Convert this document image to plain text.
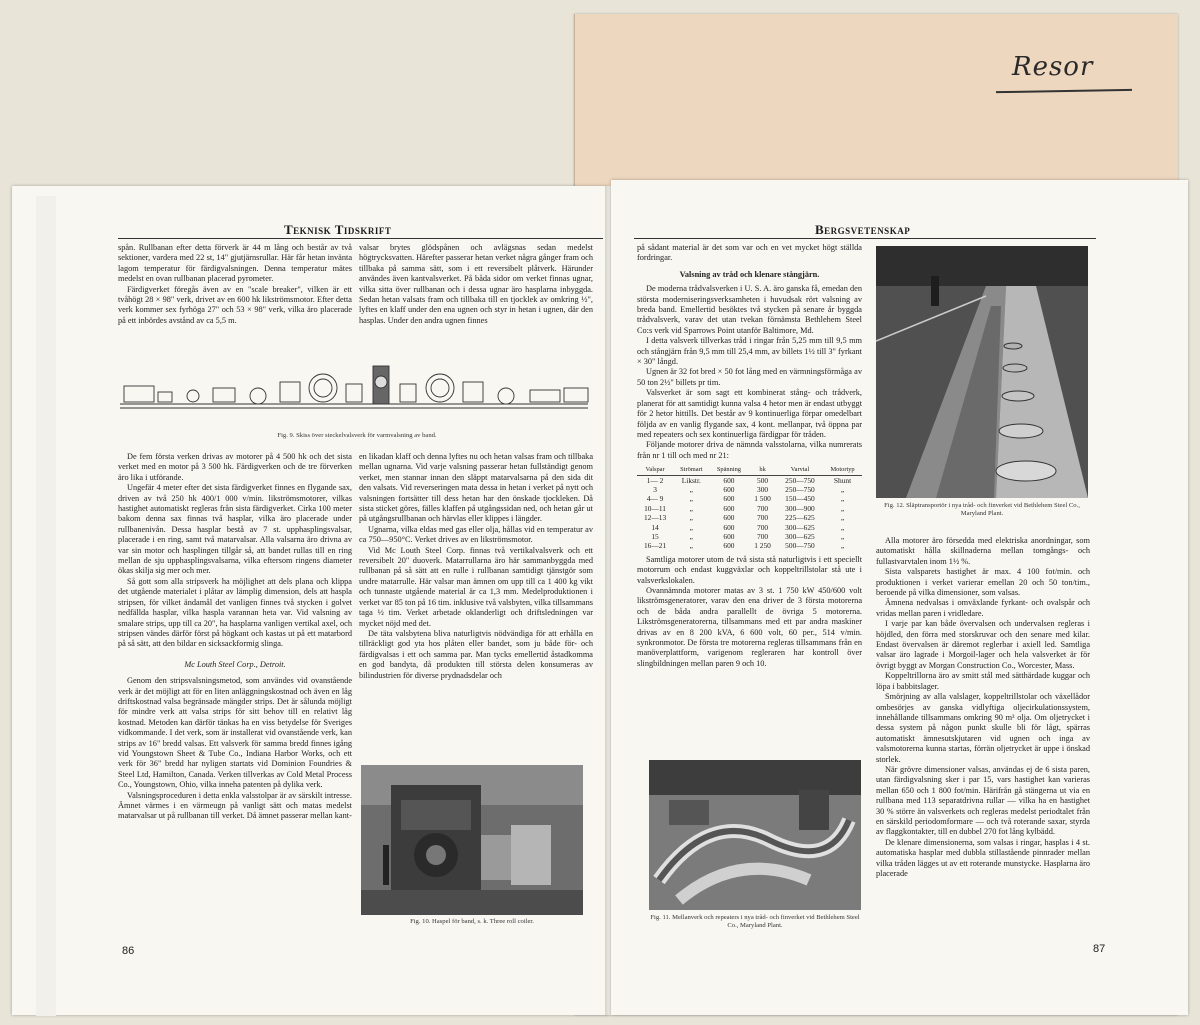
Resor
Teknisk Tidskrift

spån. Rullbanan efter detta förverk är 44 m lång och består av två sektioner, vardera med 22 st, 14" gjutjärnsrullar. Här får hetan invänta lagom temperatur för färdigvalsningen. Denna temperatur mätes medelst en ovan rullbanan placerad pyrometer.

Färdigverket föregås även av en "scale breaker", vilken är ett tvåhögt 28 × 98" verk, drivet av en 600 hk likströmsmotor. Efter detta verk kommer sex fyrhöga 27" och 53 × 98" verk, vilka äro placerade på ett inbördes avstånd av ca 5,5 m.

valsar brytes glödspånen och avlägsnas sedan medelst högtrycksvatten. Härefter passerar hetan verket några gånger fram och tillbaka på samma sätt, som i ett reversibelt plåtverk. Härunder användes även kantvalsverket. På båda sidor om verket finnas ugnar, vilka sitta över rullbanan och i dessa ugnar äro hasplarna inbyggda. Sedan hetan valsats fram och tillbaka till en tjocklek av omkring ½", lyftes en klaff under den ena ugnen och styr in hetan i ugnen, där den hasplas. Under den andra ugnen finnes

Fig. 9. Skiss över steckelvalsverk för varmvalsning av band.

De fem första verken drivas av motorer på 4 500 hk och det sista verket med en motor på 3 500 hk. Färdigverken och de tre förverken äro lika i utförande.

Ungefär 4 meter efter det sista färdigverket finnes en flygande sax, driven av två 250 hk 400/1 000 v/min. likströmsmotorer, vilkas hastighet automatiskt regleras från sista färdigverket. Cirka 100 meter bakom denna sax finnas två hasplar, vilka äro placerade under rullbanenivån. Dessa hasplar bestå av 7 st. upphasplingsvalsar, placerade i en ring, samt två matarvalsar. Alla valsarna äro drivna av var sin motor och hasplingen tillgår så, att bandet rullas till en ring mellan de sju upphasplingsvalsarna, vilka eftersom ringens diameter ökas skilja sig mer och mer.

Så gott som alla stripsverk ha möjlighet att dels planа och klippa det utgående materialet i plåtar av lämplig dimension, dels att haspla stripsen, för vilket ändamål det vanligen finnes två stycken i golvet nedfällda hasplar, vilka haspla varannan heta var. Vid valsning av smalare strips, upp till ca 20", ha hasplarna vanligen vertikal axel, och stripsen vändes därför först på högkant och kastas ut på ett matarbord på så sätt, att den bildar en sicksackformig slinga.

Mc Louth Steel Corp., Detroit.

Genom den stripsvalsningsmetod, som användes vid ovanstående verk är det möjligt att för en liten anläggningskostnad och även en låg driftskostnad valsa begränsade mängder strips. Det är sålunda möjligt för mindre verk att valsa strips för sitt behov till en relativt låg kostnad. Metoden kan därför tänkas ha en viss betydelse för Sveriges vidkommande. I det verk, som är installerat vid ovanstående verk, kan strips av 16" bredd valsas. Ett valsverk för samma bredd finnes igång vid Youngstown Sheet & Tube Co., Indiana Harbor Works, och ett verk för 36" bredd har nyligen startats vid Dominion Foundries & Steel Ltd, Hamilton, Canada. Verken tillverkas av Cold Metal Process Co., Youngstown, Ohio, vilka inneha patenten på dylika verk.

Valsningsproceduren i detta enkla valsstolpar är av särskilt intresse. Ämnet värmes i en värmeugn på vanligt sätt och matas medelst matarvalsar ut på rullbanan till verket. Då ämnet passerar mellan kant-

en likadan klaff och denna lyftes nu och hetan valsas fram och tillbaka mellan ugnarna. Vid varje valsning passerar hetan fullständigt genom verket, men stannar innan den släppt matarvalsarna på den sida dit den valsats. Vid reverseringen mata dessa in hetan i verket på nytt och valsningen fortsätter till dess hetan har den önskade tjockleken. Då sista sticket göres, fälles klaffen på utgångssidan ned, och hetan går ut på utgångsrullbanan och härvlas eller klippes i längder.

Ugnarna, vilka eldas med gas eller olja, hållas vid en temperatur av ca 750—950°C. Verket drives av en likströmsmotor.

Vid Mc Louth Steel Corp. finnas två vertikalvalsverk och ett reversibelt 20" duoverk. Matarrullarna äro här sammanbyggda med rullbanan på så sätt att en rulle i rullbanan samtidigt tjänstgör som undre matarrulle. Här valsar man ämnen om upp till ca 1 400 kg vikt och tunnaste utgående material är ca 1,3 mm. Medelproduktionen i verket var 85 ton på 16 tim. inklusive två valsbyten, vilka tillsammans taga ½ tim. Verket arbetade oklanderligt och driftsledningen var mycket nöjd med det.

De täta valsbytena bliva naturligtvis nödvändiga för att erhålla en tillräckligt god yta hos plåten eller bandet, som ju både för- och färdigvalsas i ett och samma par. Man tycks emellertid åstadkomma en god bandyta, då produkten till största delen konsumeras av bilindustrien för diverse prydnadsdelar och

Fig. 10. Haspel för band, s. k. Three roll coiler.
86
Bergsvetenskap

på sådant material är det som var och en vet mycket högt ställda fordringar.

Valsning av tråd och klenare stångjärn.

De moderna trådvalsverken i U. S. A. äro ganska få, emedan den största moderniseringsverksamheten i huvudsak rört valsning av breda band. Emellertid besöktes två stycken på senare år byggda trådvalsverk, varav det utan tvekan förnämsta Bethlehem Steel Co:s verk vid Sparrows Point utanför Baltimore, Md.

I detta valsverk tillverkas tråd i ringar från 5,25 mm till 9,5 mm och stångjärn från 9,5 mm till 25,4 mm, av billets 1½ till 3" fyrkant × 30" långd.

Ugnen är 32 fot bred × 50 fot lång med en värmningsförmåga av 50 ton 2½" billets pr tim.

Valsverket är som sagt ett kombinerat stång- och trådverk, planerat för att samtidigt kunna valsa 4 hetor men är endast utbyggt för 2 hetor hittills. Det består av 9 kontinuerliga förpar omedelbart följda av en vanlig flygande sax, 4 kont. mellanpar, två öppna par med repeaters och sex kontinuerliga färdigpar för tråden.

Följande motorer driva de nämnda valsstolarna, vilka numrerats från nr 1 till och med nr 21:

Valspar	Strömart	Spänning	hk	Varvtal	Motortyp
1— 2	Likstr.	600	500	250—750	Shunt
3	„	600	300	250—750	„
4— 9	„	600	1 500	150—450	„
10—11	„	600	700	300—900	„
12—13	„	600	700	225—625	„
14	„	600	700	300—625	„
15	„	600	700	300—625	„
16—21	„	600	1 250	500—750	„

Samtliga motorer utom de två sista stå naturligtvis i ett speciellt motorrum och endast kuggväxlar och koppeltrillstolar stå ute i valsverkslokalen.

Ovannämnda motorer matas av 3 st. 1 750 kW 450/600 volt likströmsgeneratorer, varav den ena driver de 3 första motorerna och de båda andra parallellt de övriga 5 motorerna. Likströmsgeneratorerna, tillsammans med ett par andra maskiner drivas av en 8 200 kVA, 6 600 volt, 60 per., 514 v/min. synkronmotor. De första tre motorerna regleras tillsammans från en manöverplattform, varigenom reglеraren har kontroll över slingbildningen mellan paren 9 och 10.

Fig. 12. Släptransportör i nya tråd- och finverket vid Bethlehem Steel Co., Maryland Plant.
Fig. 11. Mellanverk och repeaters i nya tråd- och finverket vid Bethlehem Steel Co., Maryland Plant.

Alla motorer äro försedda med elektriska anordningar, som automatiskt hålla skillnaderna mellan tomgångs- och fullastvarvtalen inom 1½ %.

Sista valsparets hastighet är max. 4 100 fot/min. och produktionen i verket varierar emellan 20 och 50 ton/tim., beroende på vilka dimensioner, som valsas.

Ämnena nedvalsas i omväxlande fyrkant- och ovalspår och vridas mellan paren i vridledare.

I varje par kan både övervalsen och undervalsen regleras i höjdled, den förra med storskruvar och den senare med kilar. Endast övervalsen är däremot reglerbar i axiell led. Samtliga valsar äro lagrade i Morgoil-lager och hela valsverket är för övrigt byggt av Morgan Construction Co., Worcester, Mass.

Koppeltrillorna äro av smitt stål med sätthärdade kuggar och löpa i babbitslager.

Smörjning av alla valslager, koppeltrillstolar och växellådor ombesörjes av ganska vidlyftiga oljecirkulationssystem, innehållande tillsammans omkring 90 m³ olja. Om oljetrycket i dessa system på någon punkt skulle bli för lågt, spärras automatiskt ämnesutskjutaren vid ugnen och inga av valsmotorerna kunna startas, förrän oljetrycket är uppe i önskad storlek.

När grövre dimensioner valsas, användas ej de 6 sista paren, utan färdigvalsning sker i par 15, vars hastighet kan varieras mellan 650 och 1 800 fot/min. Härifrån gå stängerna ut via en rullbana med 113 separatdrivna rullar — vilka ha en hastighet 30 % större än valsverkets och regleras medelst periodtalet från en särskild periodomformare — och två roterande saxar, styrda av flaggkontakter, till en dubbel 270 fot lång kylbädd.

De klenare dimensionerna, som valsas i ringar, hasplas i 4 st. automatiska hasplar med dubbla stillastående pinnrader mellan vilka tråden lägges ut av ett roterande munstycke. Hasplarna äro placerade

87
